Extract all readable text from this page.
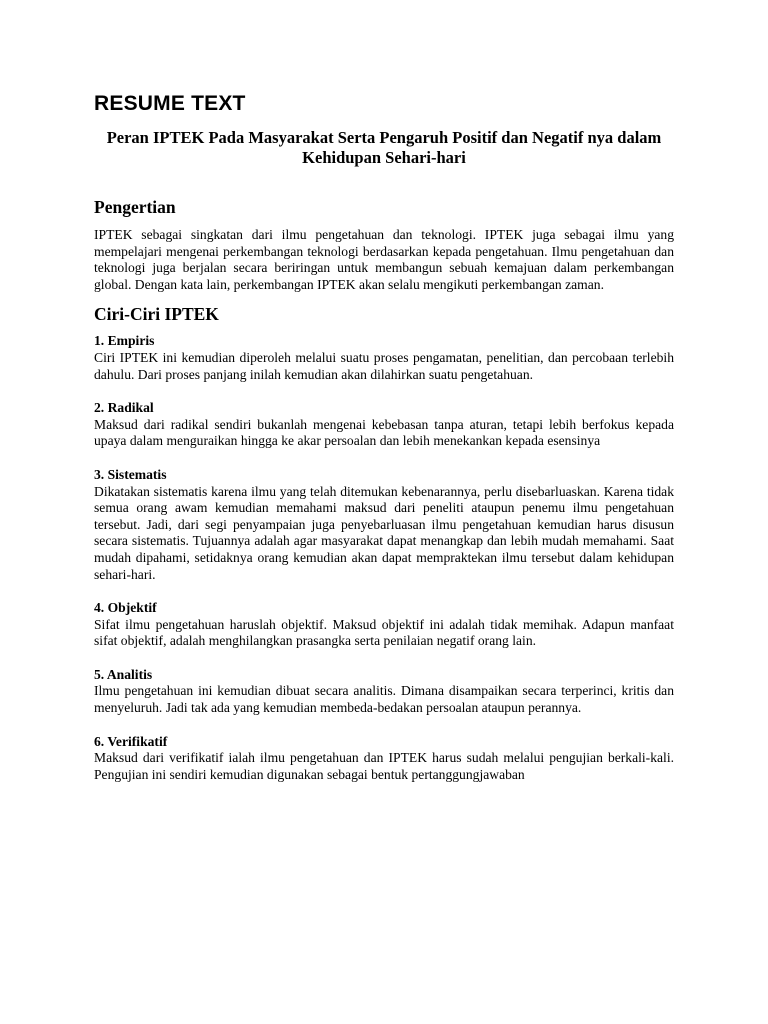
RESUME TEXT
Peran IPTEK Pada Masyarakat Serta Pengaruh Positif dan Negatif nya dalam Kehidupan Sehari-hari
Pengertian

IPTEK sebagai singkatan dari ilmu pengetahuan dan teknologi. IPTEK juga sebagai ilmu yang mempelajari mengenai perkembangan teknologi berdasarkan kepada pengetahuan. Ilmu pengetahuan dan teknologi juga berjalan secara beriringan untuk membangun sebuah kemajuan dalam perkembangan global. Dengan kata lain, perkembangan IPTEK akan selalu mengikuti perkembangan zaman.

Ciri-Ciri IPTEK
1. Empiris
Ciri IPTEK ini kemudian diperoleh melalui suatu proses pengamatan, penelitian, dan percobaan terlebih dahulu. Dari proses panjang inilah kemudian akan dilahirkan suatu pengetahuan.
2. Radikal
Maksud dari radikal sendiri bukanlah mengenai kebebasan tanpa aturan, tetapi lebih berfokus kepada upaya dalam menguraikan hingga ke akar persoalan dan lebih menekankan kepada esensinya
3. Sistematis
Dikatakan sistematis karena ilmu yang telah ditemukan kebenarannya, perlu disebarluaskan. Karena tidak semua orang awam kemudian memahami maksud dari peneliti ataupun penemu ilmu pengetahuan tersebut. Jadi, dari segi penyampaian juga penyebarluasan ilmu pengetahuan kemudian harus disusun secara sistematis. Tujuannya adalah agar masyarakat dapat menangkap dan lebih mudah memahami. Saat mudah dipahami, setidaknya orang kemudian akan dapat mempraktekan ilmu tersebut dalam kehidupan sehari-hari.
4. Objektif
Sifat ilmu pengetahuan haruslah objektif. Maksud objektif ini adalah tidak memihak. Adapun manfaat sifat objektif, adalah menghilangkan prasangka serta penilaian negatif orang lain.
5. Analitis
Ilmu pengetahuan ini kemudian dibuat secara analitis. Dimana disampaikan secara terperinci, kritis dan menyeluruh. Jadi tak ada yang kemudian membeda-bedakan persoalan ataupun perannya.
6. Verifikatif
Maksud dari verifikatif ialah ilmu pengetahuan dan IPTEK harus sudah melalui pengujian berkali-kali. Pengujian ini sendiri kemudian digunakan sebagai bentuk pertanggungjawaban
